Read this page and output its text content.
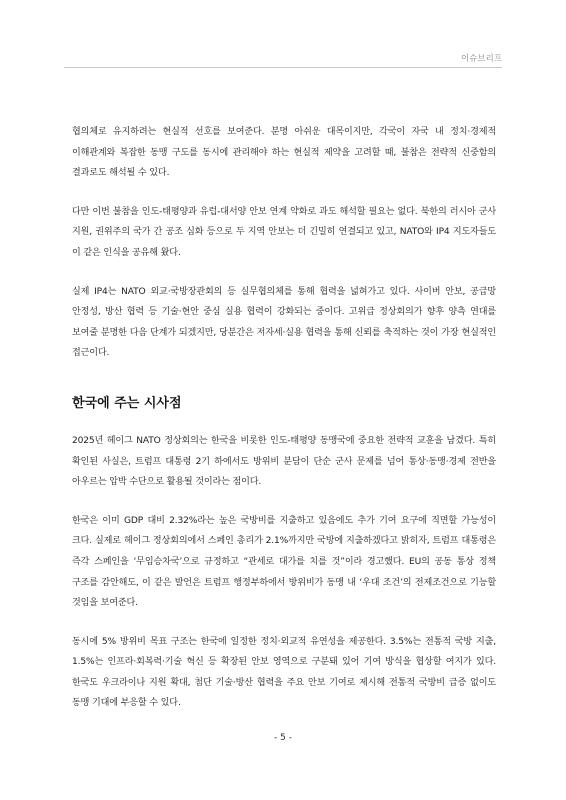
이슈브리프

협의체로 유지하려는 현실적 선호를 보여준다. 분명 아쉬운 대목이지만, 각국이 자국 내 정치·경제적 이해관계와 복잡한 동맹 구도를 동시에 관리해야 하는 현실적 제약을 고려할 때, 불참은 전략적 신중함의 결과로도 해석될 수 있다.

다만 이번 불참을 인도-태평양과 유럽-대서양 안보 연계 약화로 과도 해석할 필요는 없다. 북한의 러시아 군사 지원, 권위주의 국가 간 공조 심화 등으로 두 지역 안보는 더 긴밀히 연결되고 있고, NATO와 IP4 지도자들도 이 같은 인식을 공유해 왔다.

실제 IP4는 NATO 외교·국방장관회의 등 실무협의체를 통해 협력을 넓혀가고 있다. 사이버 안보, 공급망 안정성, 방산 협력 등 기술·현안 중심 실용 협력이 강화되는 중이다. 고위급 정상회의가 향후 양측 연대를 보여줄 분명한 다음 단계가 되겠지만, 당분간은 저자세·실용 협력을 통해 신뢰를 축적하는 것이 가장 현실적인 접근이다.

한국에 주는 시사점

2025년 헤이그 NATO 정상회의는 한국을 비롯한 인도-태평양 동맹국에 중요한 전략적 교훈을 남겼다. 특히 확인된 사실은, 트럼프 대통령 2기 하에서도 방위비 분담이 단순 군사 문제를 넘어 통상·동맹·경제 전반을 아우르는 압박 수단으로 활용될 것이라는 점이다.

한국은 이미 GDP 대비 2.32%라는 높은 국방비를 지출하고 있음에도 추가 기여 요구에 직면할 가능성이 크다. 실제로 헤이그 정상회의에서 스페인 총리가 2.1%까지만 국방에 지출하겠다고 밝히자, 트럼프 대통령은 즉각 스페인을 ‘무임승차국’으로 규정하고 “관세로 대가를 치를 것”이라 경고했다. EU의 공동 통상 정책 구조를 감안해도, 이 같은 발언은 트럼프 행정부하에서 방위비가 동맹 내 ‘우대 조건’의 전제조건으로 기능할 것임을 보여준다.

동시에 5% 방위비 목표 구조는 한국에 일정한 정치·외교적 유연성을 제공한다. 3.5%는 전통적 국방 지출, 1.5%는 인프라·회복력·기술 혁신 등 확장된 안보 영역으로 구분돼 있어 기여 방식을 협상할 여지가 있다. 한국도 우크라이나 지원 확대, 첨단 기술·방산 협력을 주요 안보 기여로 제시해 전통적 국방비 급증 없이도 동맹 기대에 부응할 수 있다.

- 5 -
